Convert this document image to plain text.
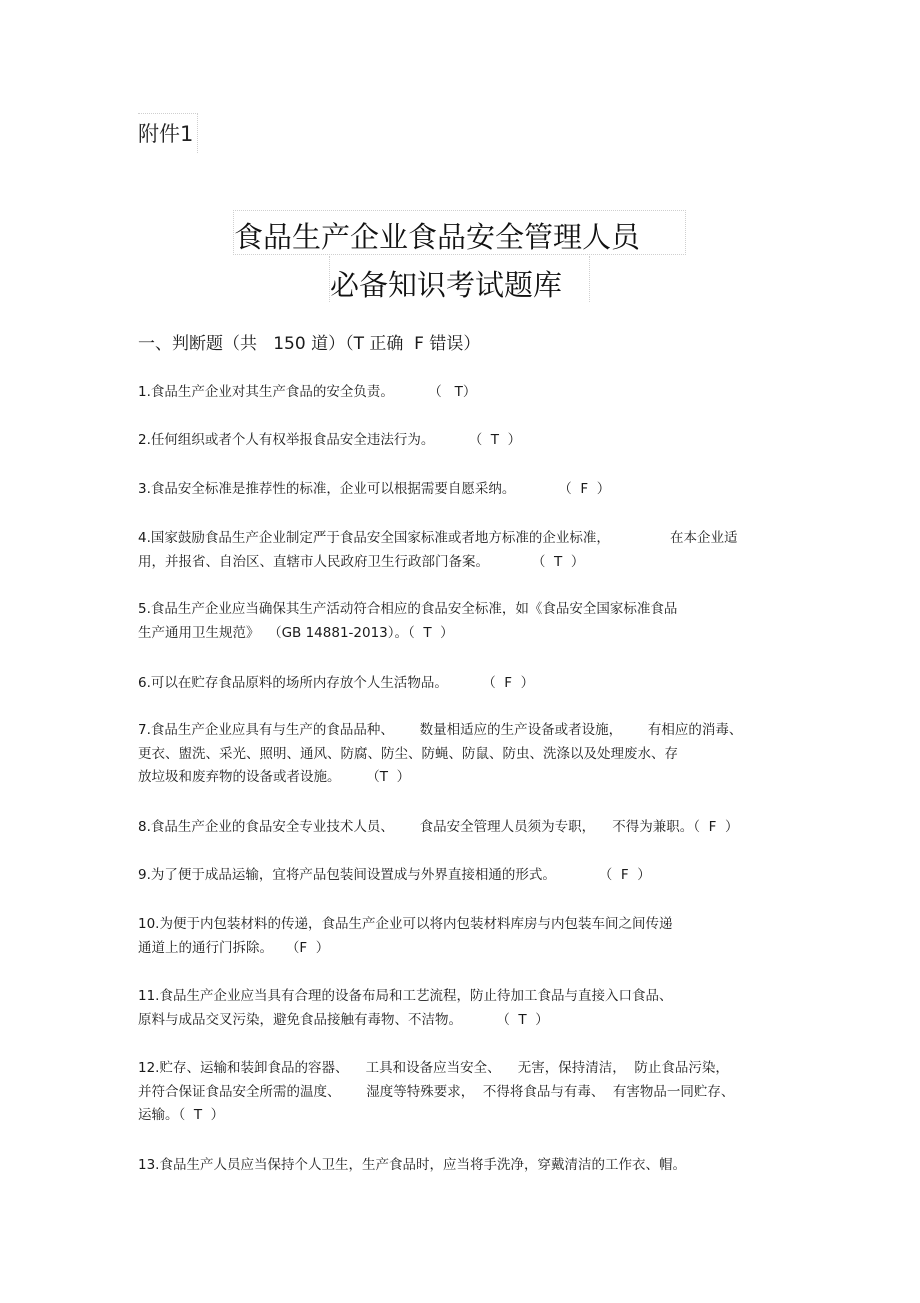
附件1
食品生产企业食品安全管理人员
必备知识考试题库
一、判断题（共   150 道）（T 正确  F 错误）
1.食品生产企业对其生产食品的安全负责。        （   T）
2.任何组织或者个人有权举报食品安全违法行为。        （  T  ）
3.食品安全标准是推荐性的标准，企业可以根据需要自愿采纳。          （  F  ）
4.国家鼓励食品生产企业制定严于食品安全国家标准或者地方标准的企业标准，              在本企业适
用，并报省、自治区、直辖市人民政府卫生行政部门备案。          （  T  ）
5.食品生产企业应当确保其生产活动符合相应的食品安全标准，如《食品安全国家标准食品
生产通用卫生规范》  （GB 14881-2013）。（  T  ）
6.可以在贮存食品原料的场所内存放个人生活物品。        （  F  ）
7.食品生产企业应具有与生产的食品品种、      数量相适应的生产设备或者设施，      有相应的消毒、
更衣、盥洗、采光、照明、通风、防腐、防尘、防蝇、防鼠、防虫、洗涤以及处理废水、存
放垃圾和废弃物的设备或者设施。      （T  ）
8.食品生产企业的食品安全专业技术人员、      食品安全管理人员须为专职，    不得为兼职。（  F  ）
9.为了便于成品运输，宜将产品包装间设置成与外界直接相通的形式。          （  F  ）
10.为便于内包装材料的传递，食品生产企业可以将内包装材料库房与内包装车间之间传递
通道上的通行门拆除。   （F  ）
11.食品生产企业应当具有合理的设备布局和工艺流程，防止待加工食品与直接入口食品、
原料与成品交叉污染，避免食品接触有毒物、不洁物。        （  T  ）
12.贮存、运输和装卸食品的容器、    工具和设备应当安全、    无害，保持清洁，  防止食品污染，
并符合保证食品安全所需的温度、      湿度等特殊要求，  不得将食品与有毒、  有害物品一同贮存、
运输。（  T  ）
13.食品生产人员应当保持个人卫生，生产食品时，应当将手洗净，穿戴清洁的工作衣、帽。
